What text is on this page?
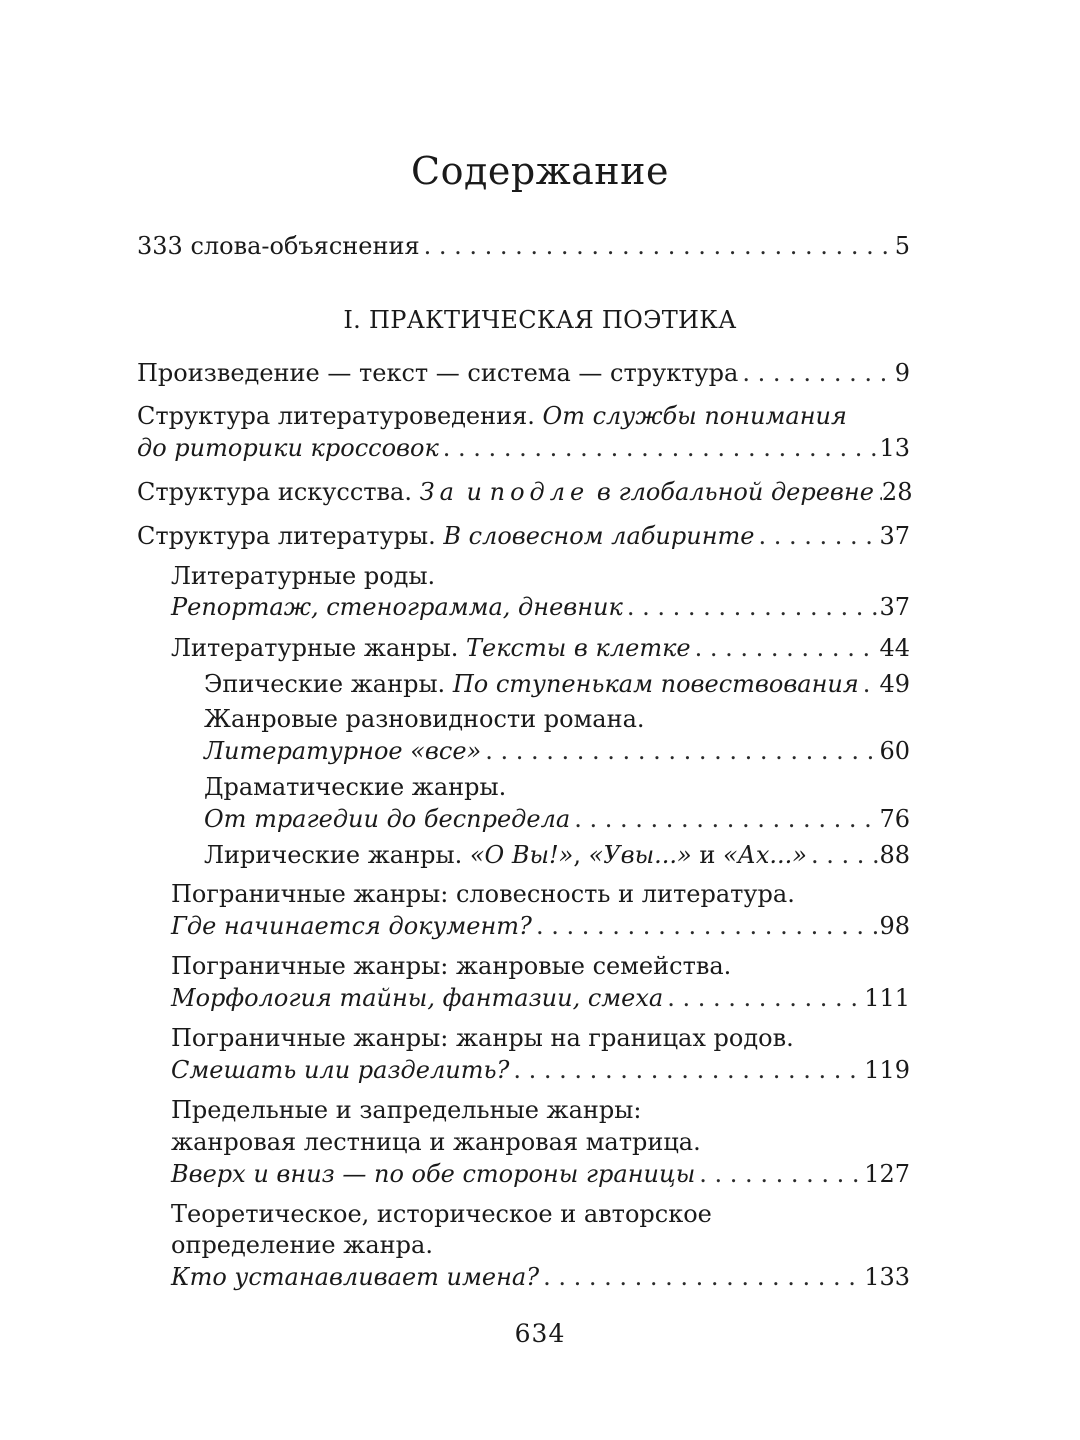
Содержание
333 слова-объяснения . . .	5
I. ПРАКТИЧЕСКАЯ ПОЭТИКА
Произведение — текст — система — структура . . .	9
Структура литературоведения. От службы понимания
до риторики кроссовок . . .	13
Структура искусства. За и подле в глобальной деревне . . . 28
Структура литературы. В словесном лабиринте . . .	37
Литературные роды.
Репортаж, стенограмма, дневник . . .	37
Литературные жанры. Тексты в клетке . . .	44
Эпические жанры. По ступенькам повествования . . . 49
Жанровые разновидности романа.
Литературное «все» . . .	60
Драматические жанры.
От трагедии до беспредела . . .	76
Лирические жанры. «О Вы!», «Увы...» и «Ах...» . . .	88
Пограничные жанры: словесность и литература.
Где начинается документ? . . .	98
Пограничные жанры: жанровые семейства.
Морфология тайны, фантазии, смеха . . .	111
Пограничные жанры: жанры на границах родов.
Смешать или разделить? . . .	119
Предельные и запредельные жанры:
жанровая лестница и жанровая матрица.
Вверх и вниз — по обе стороны границы . . .	127
Теоретическое, историческое и авторское
определение жанра.
Кто устанавливает имена? . . .	133
634
